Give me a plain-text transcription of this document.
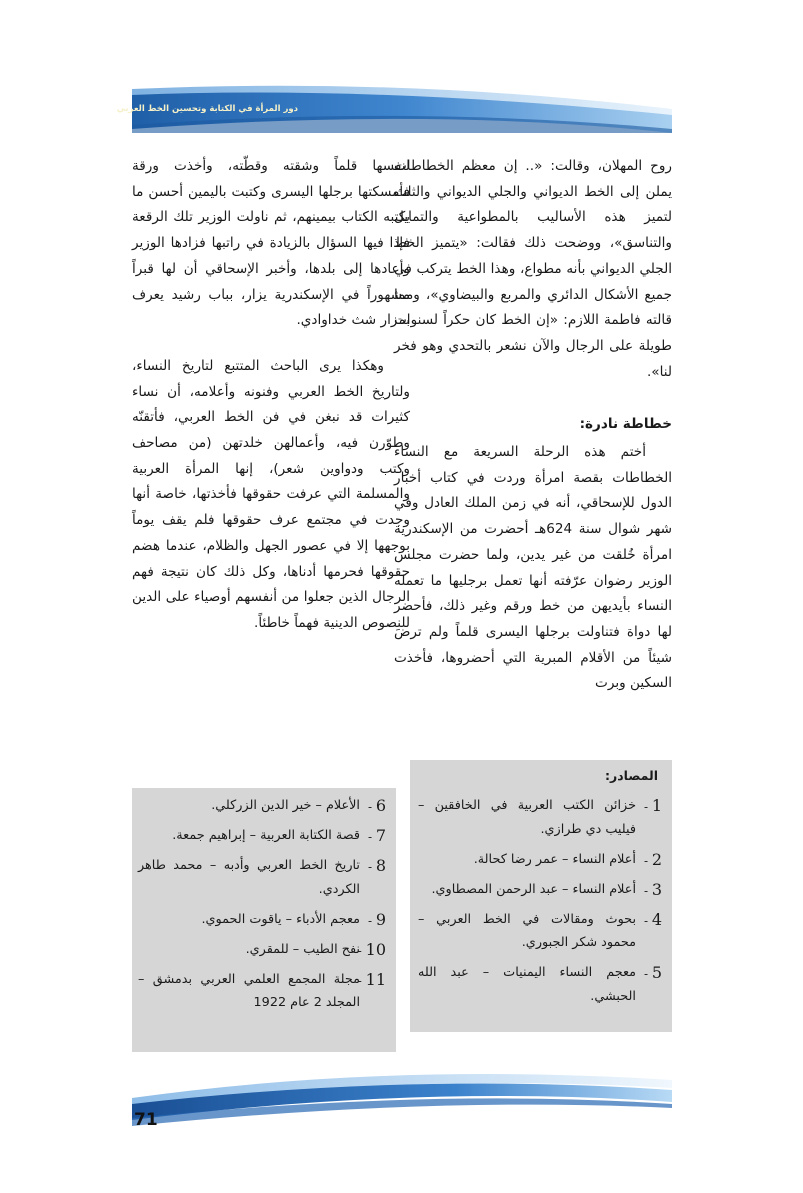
دور المرأة في الكتابة وتحسين الخط العربي

روح المهلان، وقالت: «.. إن معظم الخطاطات يملن إلى الخط الديواني والجلي الديواني والثلث لتميز هذه الأساليب بالمطواعية والتمايل والتناسق»، ووضحت ذلك فقالت: «يتميز الخط الجلي الديواني بأنه مطواع، وهذا الخط يتركب في جميع الأشكال الدائري والمربع والبيضاوي»، ومما قالته فاطمة اللازم: «إن الخط كان حكراً لسنوات طويلة على الرجال والآن نشعر بالتحدي وهو فخر لنا».

خطاطة نادرة:

أختم هذه الرحلة السريعة مع النساء الخطاطات بقصة امرأة وردت في كتاب أخبار الدول للإسحاقي، أنه في زمن الملك العادل وفي شهر شوال سنة 624هـ أحضرت من الإسكندرية امرأة خُلقت من غير يدين، ولما حضرت مجلس الوزير رضوان عرّفته أنها تعمل برجليها ما تعمله النساء بأيديهن من خط ورقم وغير ذلك، فأحضر لها دواة فتناولت برجلها اليسرى قلماً ولم ترضَ شيئاً من الأقلام المبرية التي أحضروها، فأخذت السكين وبرت

لنفسها قلماً وشقته وقطّته، وأخذت ورقة فأمسكتها برجلها اليسرى وكتبت باليمين أحسن ما يكتبه الكتاب بيمينهم، ثم ناولت الوزير تلك الرقعة فإذا فيها السؤال بالزيادة في راتبها فزادها الوزير وأعادها إلى بلدها، وأخبر الإسحاقي أن لها قبراً مشهوراً في الإسكندرية يزار، بباب رشيد يعرف بمزار شث خداوادي.

وهكذا يرى الباحث المتتبع لتاريخ النساء، ولتاريخ الخط العربي وفنونه وأعلامه، أن نساء كثيرات قد نبغن في فن الخط العربي، فأتقنّه وطوّرن فيه، وأعمالهن خلدتهن (من مصاحف وكتب ودواوين شعر)، إنها المرأة العربية والمسلمة التي عرفت حقوقها فأخذتها، خاصة أنها وجدت في مجتمع عرف حقوقها فلم يقف يوماً بوجهها إلا في عصور الجهل والظلام، عندما هضم حقوقها فحرمها أدناها، وكل ذلك كان نتيجة فهم الرجال الذين جعلوا من أنفسهم أوصياء على الدين للنصوص الدينية فهماً خاطئاً.

المصادر:
1 -
خزائن الكتب العربية في الخافقين – فيليب دي طرازي.
2 -
أعلام النساء – عمر رضا كحالة.
3 -
أعلام النساء – عبد الرحمن المصطاوي.
4 -
بحوث ومقالات في الخط العربي – محمود شكر الجبوري.
5 -
معجم النساء اليمنيات – عبد الله الحبشي.
6 -
الأعلام – خير الدين الزركلي.
7 -
قصة الكتابة العربية – إبراهيم جمعة.
8 -
تاريخ الخط العربي وأدبه – محمد طاهر الكردي.
9 -
معجم الأدباء – ياقوت الحموي.
10 -
نفح الطيب – للمقري.
11 -
مجلة المجمع العلمي العربي بدمشق – المجلد 2 عام 1922
71
